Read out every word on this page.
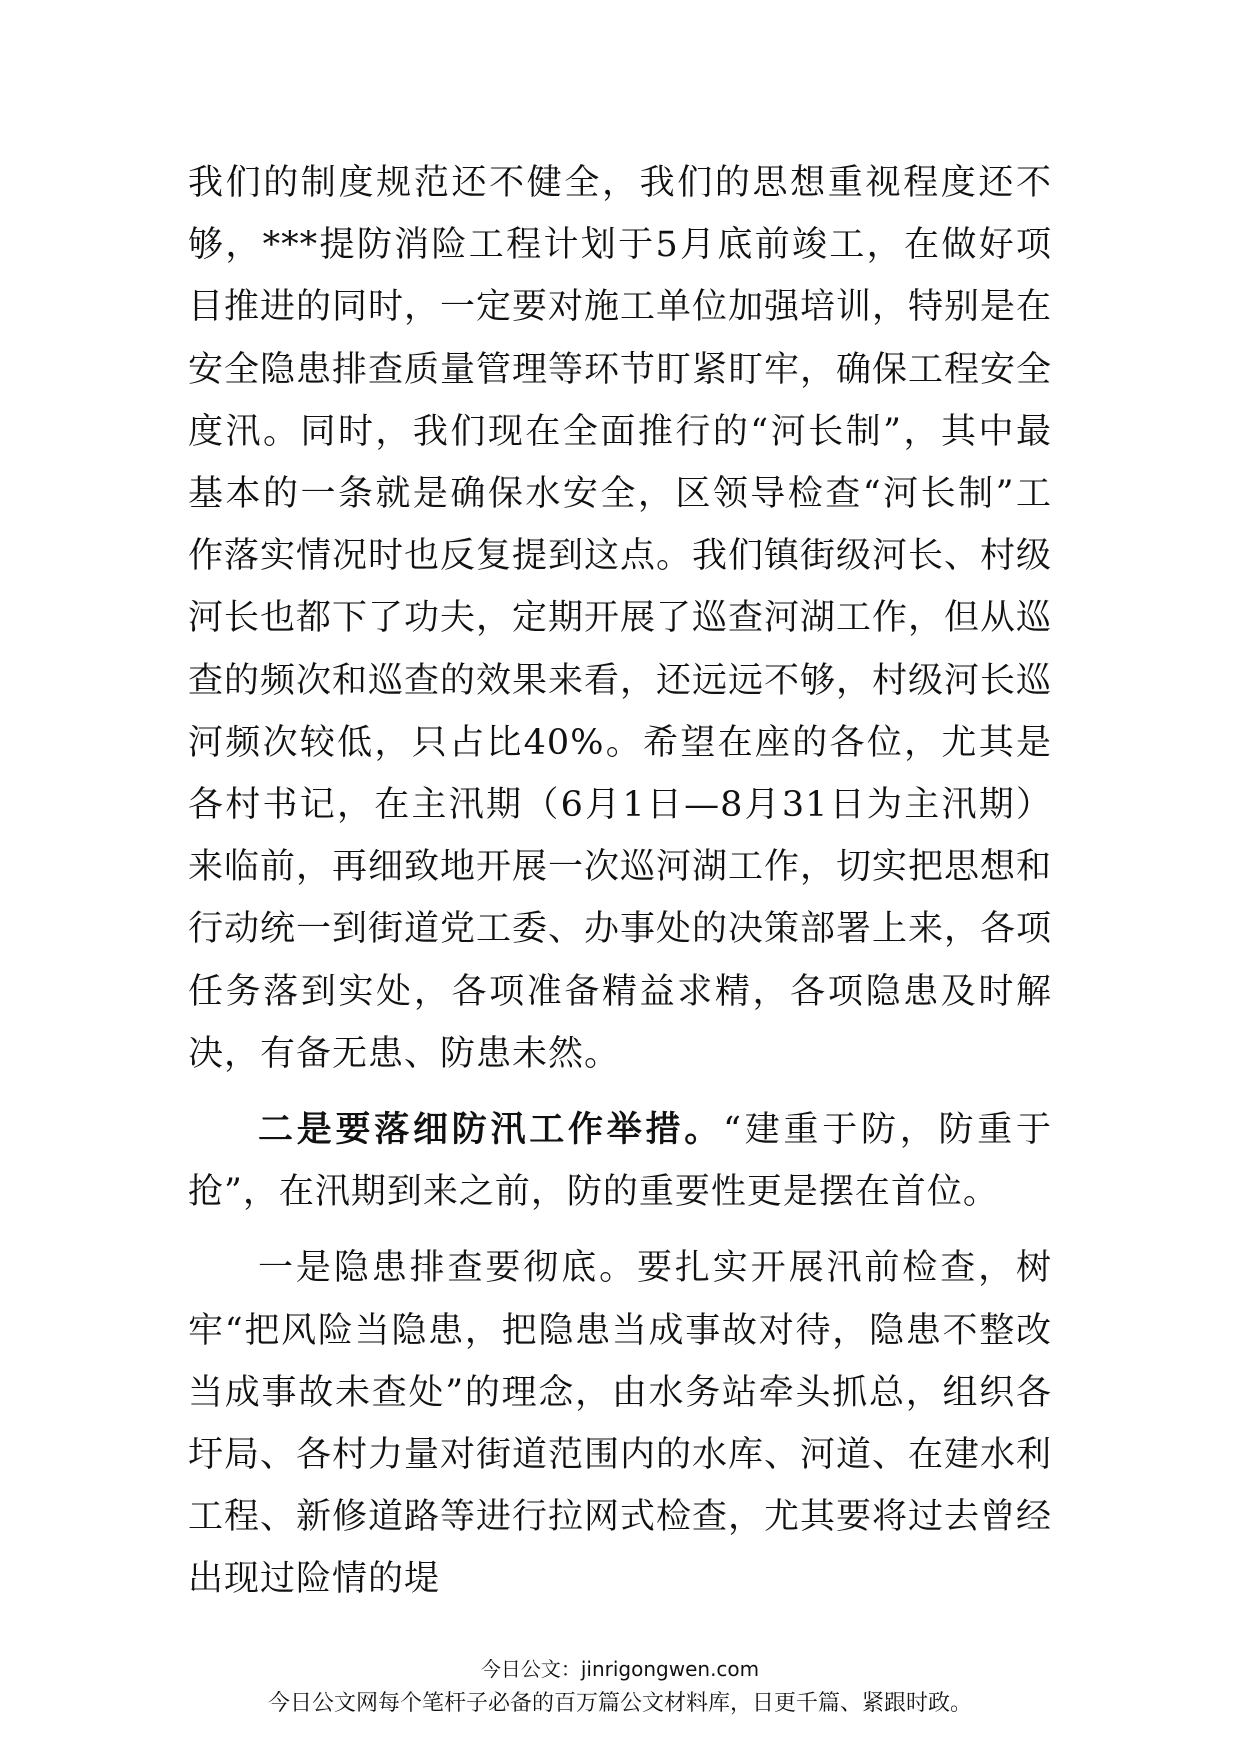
我们的制度规范还不健全，我们的思想重视程度还不够，***提防消险工程计划于5月底前竣工，在做好项目推进的同时，一定要对施工单位加强培训，特别是在安全隐患排查质量管理等环节盯紧盯牢，确保工程安全度汛。同时，我们现在全面推行的“河长制”，其中最基本的一条就是确保水安全，区领导检查“河长制”工作落实情况时也反复提到这点。我们镇街级河长、村级河长也都下了功夫，定期开展了巡查河湖工作，但从巡查的频次和巡查的效果来看，还远远不够，村级河长巡河频次较低，只占比40%。希望在座的各位，尤其是各村书记，在主汛期（6月1日—8月31日为主汛期）来临前，再细致地开展一次巡河湖工作，切实把思想和行动统一到街道党工委、办事处的决策部署上来，各项任务落到实处，各项准备精益求精，各项隐患及时解决，有备无患、防患未然。

二是要落细防汛工作举措。“建重于防，防重于抢”，在汛期到来之前，防的重要性更是摆在首位。

一是隐患排查要彻底。要扎实开展汛前检查，树牢“把风险当隐患，把隐患当成事故对待，隐患不整改当成事故未查处”的理念，由水务站牵头抓总，组织各圩局、各村力量对街道范围内的水库、河道、在建水利工程、新修道路等进行拉网式检查，尤其要将过去曾经出现过险情的堤

今日公文：jinrigongwen.com
今日公文网每个笔杆子必备的百万篇公文材料库，日更千篇、紧跟时政。
